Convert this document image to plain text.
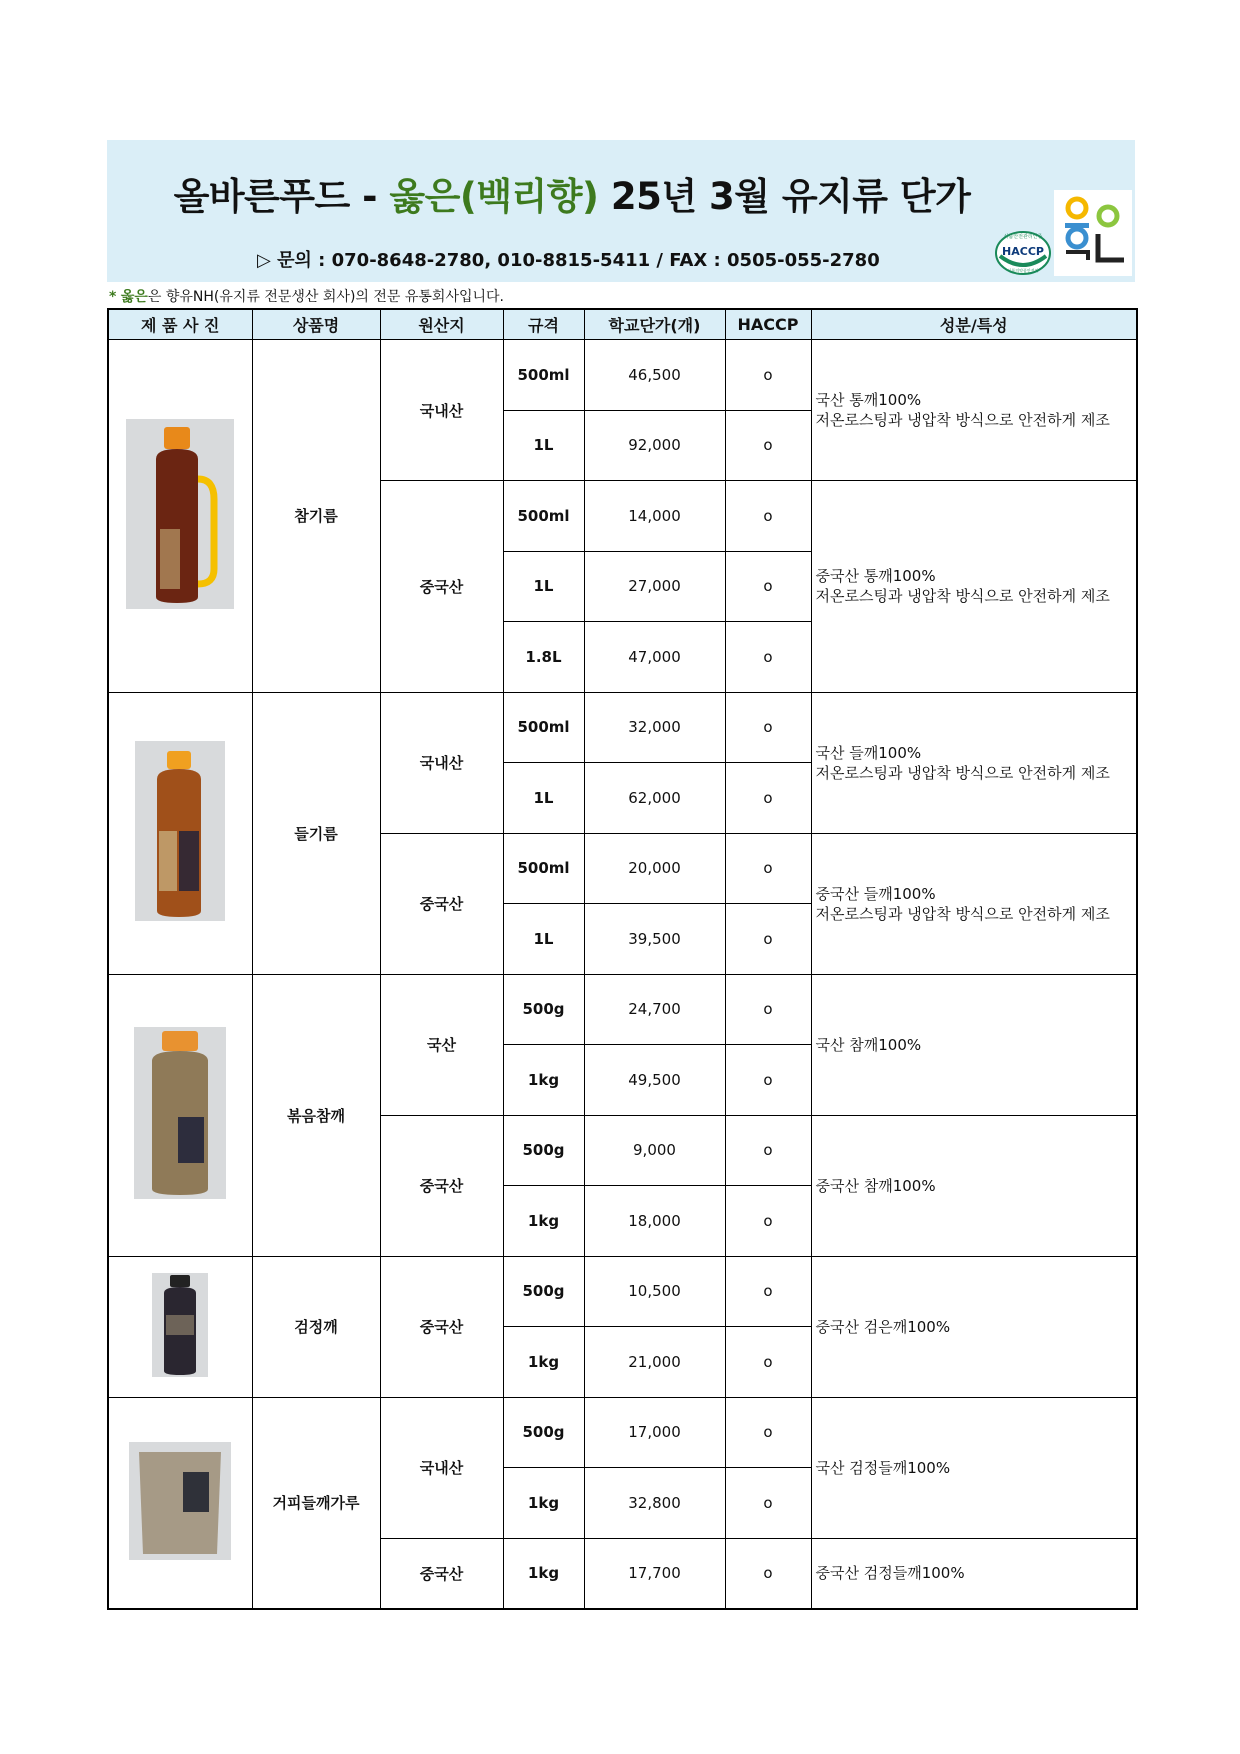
올바른푸드 - 옳은(백리향) 25년 3월 유지류 단가
▷ 문의 : 070-8648-2780, 010-8815-5411 / FAX : 0505-055-2780
식품안전관리인증
HACCP
식품의약품안전처
* 옳은은 향유NH(유지류 전문생산 회사)의 전문 유통회사입니다.
제 품 사 진	상품명	원산지	규격	학교단가(개)	HACCP	성분/특성
	참기름	국내산	500ml	46,500	o	국산 통깨100%
저온로스팅과 냉압착 방식으로 안전하게 제조

			1L	92,000	o	
		중국산	500ml	14,000	o	중국산 통깨100%
저온로스팅과 냉압착 방식으로 안전하게 제조

			1L	27,000	o	
			1.8L	47,000	o	
	들기름	국내산	500ml	32,000	o	국산 들깨100%
저온로스팅과 냉압착 방식으로 안전하게 제조

			1L	62,000	o	
		중국산	500ml	20,000	o	중국산 들깨100%
저온로스팅과 냉압착 방식으로 안전하게 제조

			1L	39,500	o	
	볶음참깨	국산	500g	24,700	o	국산 참깨100%

			1kg	49,500	o	
		중국산	500g	9,000	o	중국산 참깨100%

			1kg	18,000	o	
	검정깨	중국산	500g	10,500	o	중국산 검은깨100%

			1kg	21,000	o	
	거피들깨가루	국내산	500g	17,000	o	국산 검정들깨100%

			1kg	32,800	o	
		중국산	1kg	17,700	o	중국산 검정들깨100%
